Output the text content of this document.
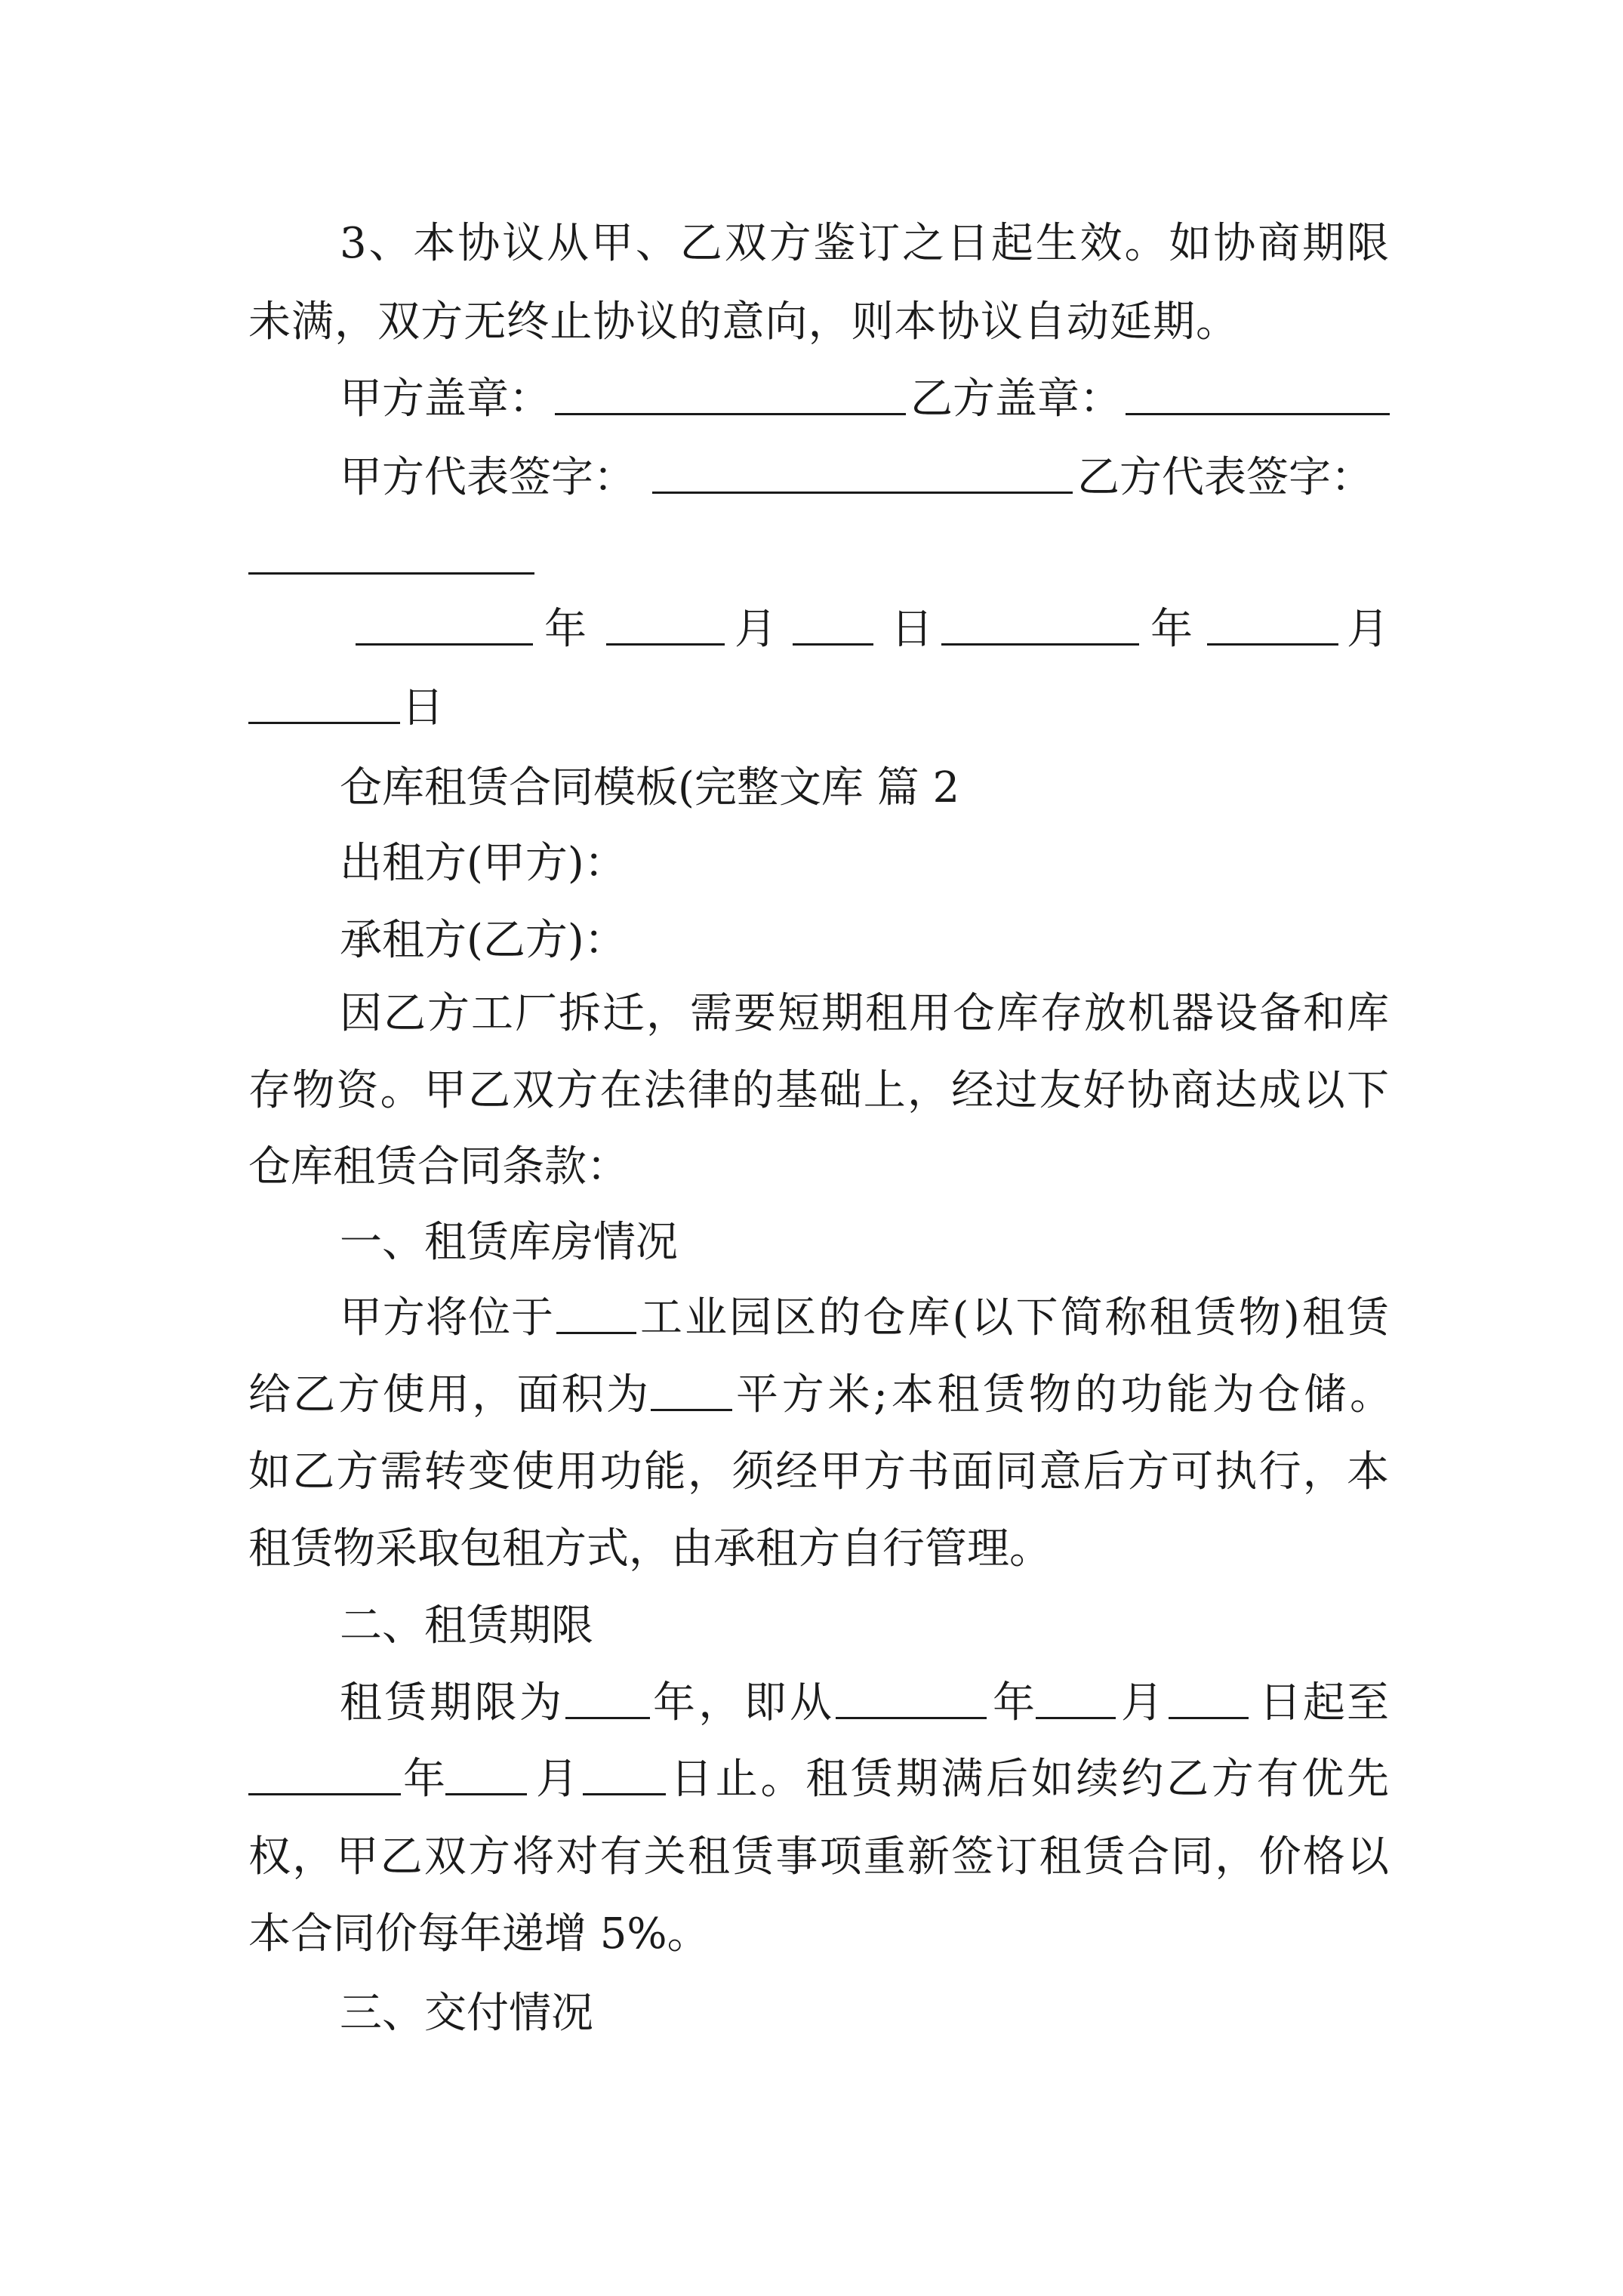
3、本协议从甲、乙双方鉴订之日起生效。如协商期限
未满，双方无终止协议的意向，则本协议自动延期。
甲方盖章：	乙方盖章：
甲方代表签字：	乙方代表签字：
年	月	日	年	月
日
仓库租赁合同模板(完整文库 篇 2
出租方(甲方)：
承租方(乙方)：
因乙方工厂拆迁，需要短期租用仓库存放机器设备和库
存物资。甲乙双方在法律的基础上，经过友好协商达成以下
仓库租赁合同条款：
一、租赁库房情况
甲方将位于 工业园区的仓库(以下简称租赁物)租赁
给乙方使用，面积为 平方米;本租赁物的功能为仓储。
如乙方需转变使用功能，须经甲方书面同意后方可执行，本
租赁物采取包租方式，由承租方自行管理。
二、租赁期限
租赁期限为 年，即从	年 月 日起至
年 月 日止。租赁期满后如续约乙方有优先
权，甲乙双方将对有关租赁事项重新签订租赁合同，价格以
本合同价每年递增 5%。
三、交付情况
